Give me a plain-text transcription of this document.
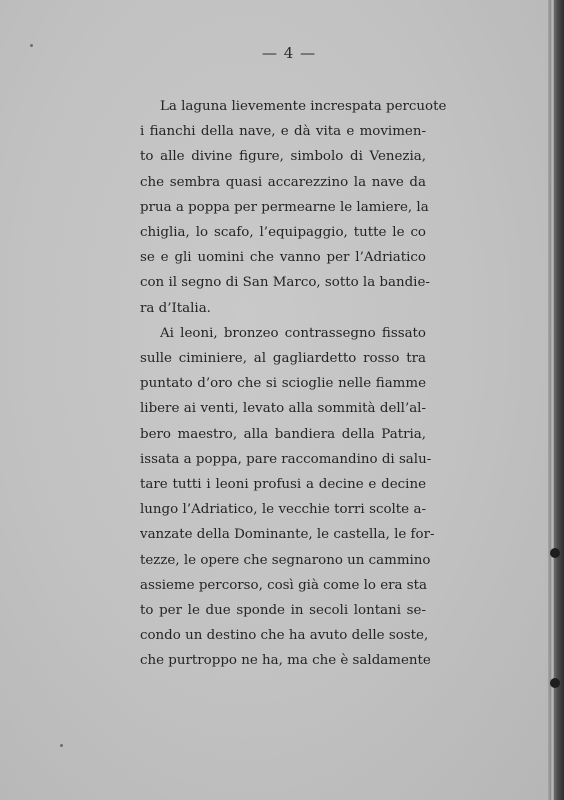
— 4 —
La laguna lievemente increspata percuote
i fianchi della nave, e dà vita e movimen-
to alle divine figure, simbolo di Venezia,
che sembra quasi accarezzino la nave da
prua a poppa per permearne le lamiere, la
chiglia, lo scafo, l’equipaggio, tutte le co
se e gli uomini che vanno per l’Adriatico
con il segno di San Marco, sotto la bandie-
ra d’Italia.
Ai leoni, bronzeo contrassegno fissato
sulle ciminiere, al gagliardetto rosso tra
puntato d’oro che si scioglie nelle fiamme
libere ai venti, levato alla sommità dell’al-
bero maestro, alla bandiera della Patria,
issata a poppa, pare raccomandino di salu-
tare tutti i leoni profusi a decine e decine
lungo l’Adriatico, le vecchie torri scolte a-
vanzate della Dominante, le castella, le for-
tezze, le opere che segnarono un cammino
assieme percorso, così già come lo era sta
to per le due sponde in secoli lontani se-
condo un destino che ha avuto delle soste,
che purtroppo ne ha, ma che è saldamente
